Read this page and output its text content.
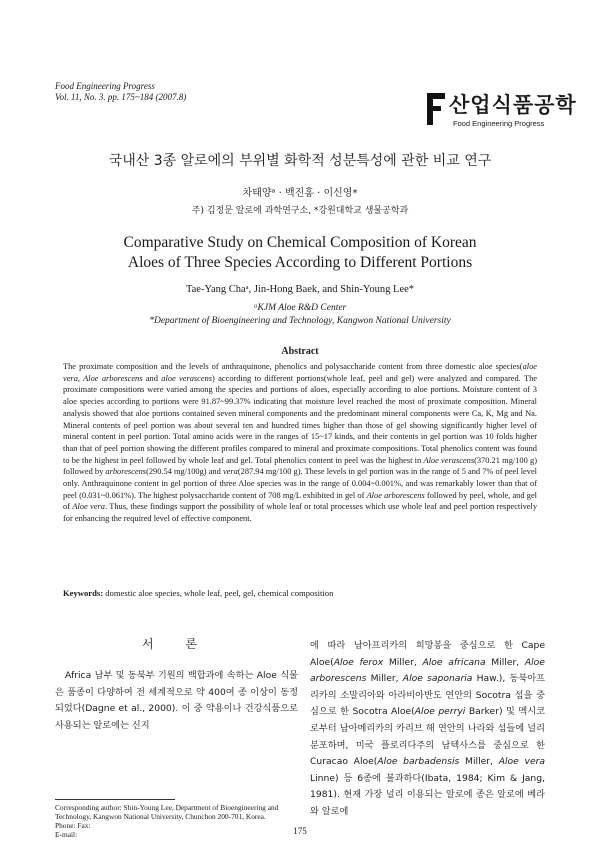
Food Engineering Progress
Vol. 11, No. 3. pp. 175~184 (2007.8)	산업식품공학
Food Engineering Progress
국내산 3종 알로에의 부위별 화학적 성분특성에 관한 비교 연구
차태양ᵃ · 백진홍 · 이신영*
주) 김정문 알로에 과학연구소, *강원대학교 생물공학과
Comparative Study on Chemical Composition of Korean
Aloes of Three Species According to Different Portions
Tae-Yang Chaᵃ, Jin-Hong Baek, and Shin-Young Lee*
ᵃKJM Aloe R&D Center
*Department of Bioengineering and Technology, Kangwon National University
Abstract

The proximate composition and the levels of anthraquinone, phenolics and polysaccharide content from three domestic aloe species(aloe vera, Aloe arborescens and aloe verascens) according to different portions(whole leaf, peel and gel) were analyzed and compared. The proximate compositions were varied among the species and portions of aloes, especially according to aloe portions. Moisture content of 3 aloe species according to portions were 91.87~99.37% indicating that moisture level reached the most of proximate composition. Mineral analysis showed that aloe portions contained seven mineral components and the predominant mineral components were Ca, K, Mg and Na. Mineral contents of peel portion was about several ten and hundred times higher than those of gel showing significantly higher level of mineral content in peel portion. Total amino acids were in the ranges of 15~17 kinds, and their contents in gel portion was 10 folds higher than that of peel portion showing the different profiles compared to mineral and proximate compositions. Total phenolics content was found to be the highest in peel followed by whole leaf and gel. Total phenolics content in peel was the highest in Aloe verascens(370.21 mg/100 g) followed by arborescens(290.54 mg/100g) and vera(287.94 mg/100 g). These levels in gel portion was in the range of 5 and 7% of peel level only. Anthraquinone content in gel portion of three Aloe species was in the range of 0.004~0.001%, and was remarkably lower than that of peel (0.031~0.061%). The highest polysaccharide content of 708 mg/L exhibited in gel of Aloe arborescens followed by peel, whole, and gel of Aloe vera. Thus, these findings support the possibility of whole leaf or total processes which use whole leaf and peel portion respectively for enhancing the required level of effective component.

Keywords: domestic aloe species, whole leaf, peel, gel, chemical composition
서 론

Africa 남부 및 동북부 기원의 백합과에 속하는 Aloe 식물은 품종이 다양하여 전 세계적으로 약 400여 종 이상이 동정되었다(Dagne et al., 2000). 이 중 약용이나 건강식품으로 사용되는 알로에는 신지

Corresponding author: Shin-Young Lee, Department of Bioengineering and Technology, Kangwon National University, Chunchon 200-701, Korea.
Phone: Fax:
E-mail:

에 따라 남아프리카의 희망봉을 중심으로 한 Cape Aloe(Aloe ferox Miller, Aloe africana Miller, Aloe arborescens Miller, Aloe saponaria Haw.), 동북아프리카의 소말리아와 아라비아반도 연안의 Socotra 섬을 중심으로 한 Socotra Aloe(Aloe perryi Barker) 및 멕시코로부터 남아메리카의 카리브 해 연안의 나라와 섬들에 널리 분포하며, 미국 플로리다주의 남텍사스를 중심으로 한 Curacao Aloe(Aloe barbadensis Miller, Aloe vera Linne) 등 6종에 불과하다(Ibata, 1984; Kim & Jang, 1981). 현재 가장 널리 이용되는 알로에 종은 알로에 베라와 알로에

175
